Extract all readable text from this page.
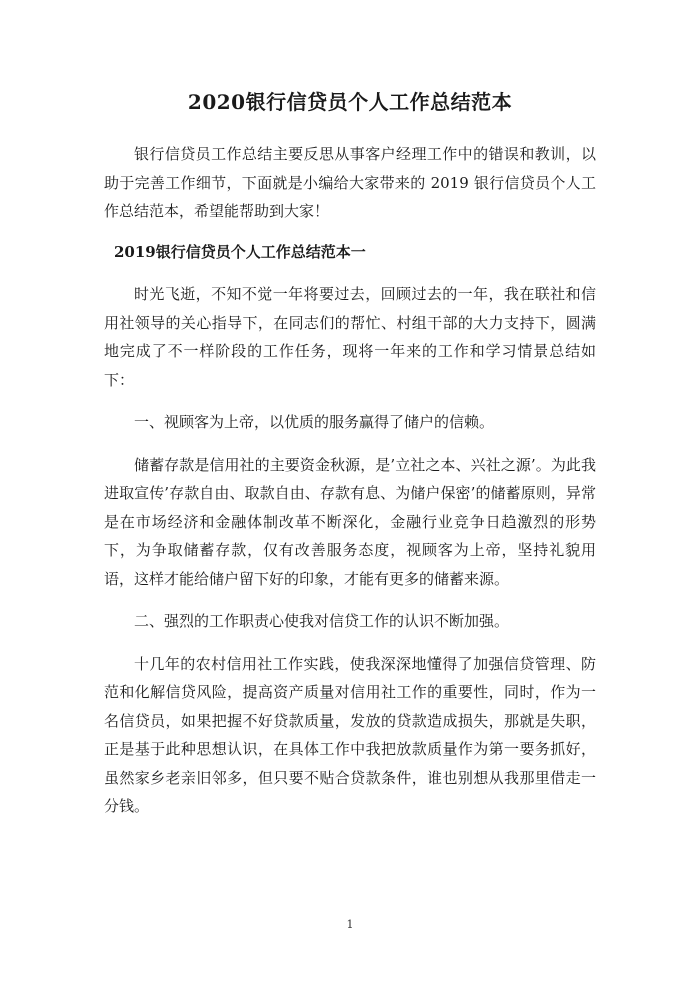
2020银行信贷员个人工作总结范本

银行信贷员工作总结主要反思从事客户经理工作中的错误和教训，以助于完善工作细节，下面就是小编给大家带来的 2019 银行信贷员个人工作总结范本，希望能帮助到大家！

2019银行信贷员个人工作总结范本一

时光飞逝，不知不觉一年将要过去，回顾过去的一年，我在联社和信用社领导的关心指导下，在同志们的帮忙、村组干部的大力支持下，圆满地完成了不一样阶段的工作任务，现将一年来的工作和学习情景总结如下：

一、视顾客为上帝，以优质的服务赢得了储户的信赖。

储蓄存款是信用社的主要资金秋源，是’立社之本、兴社之源’。为此我进取宣传’存款自由、取款自由、存款有息、为储户保密’的储蓄原则，异常是在市场经济和金融体制改革不断深化，金融行业竞争日趋激烈的形势下，为争取储蓄存款，仅有改善服务态度，视顾客为上帝，坚持礼貌用语，这样才能给储户留下好的印象，才能有更多的储蓄来源。

二、强烈的工作职责心使我对信贷工作的认识不断加强。

十几年的农村信用社工作实践，使我深深地懂得了加强信贷管理、防范和化解信贷风险，提高资产质量对信用社工作的重要性，同时，作为一名信贷员，如果把握不好贷款质量，发放的贷款造成损失，那就是失职，正是基于此种思想认识，在具体工作中我把放款质量作为第一要务抓好，虽然家乡老亲旧邻多，但只要不贴合贷款条件，谁也别想从我那里借走一分钱。

1
